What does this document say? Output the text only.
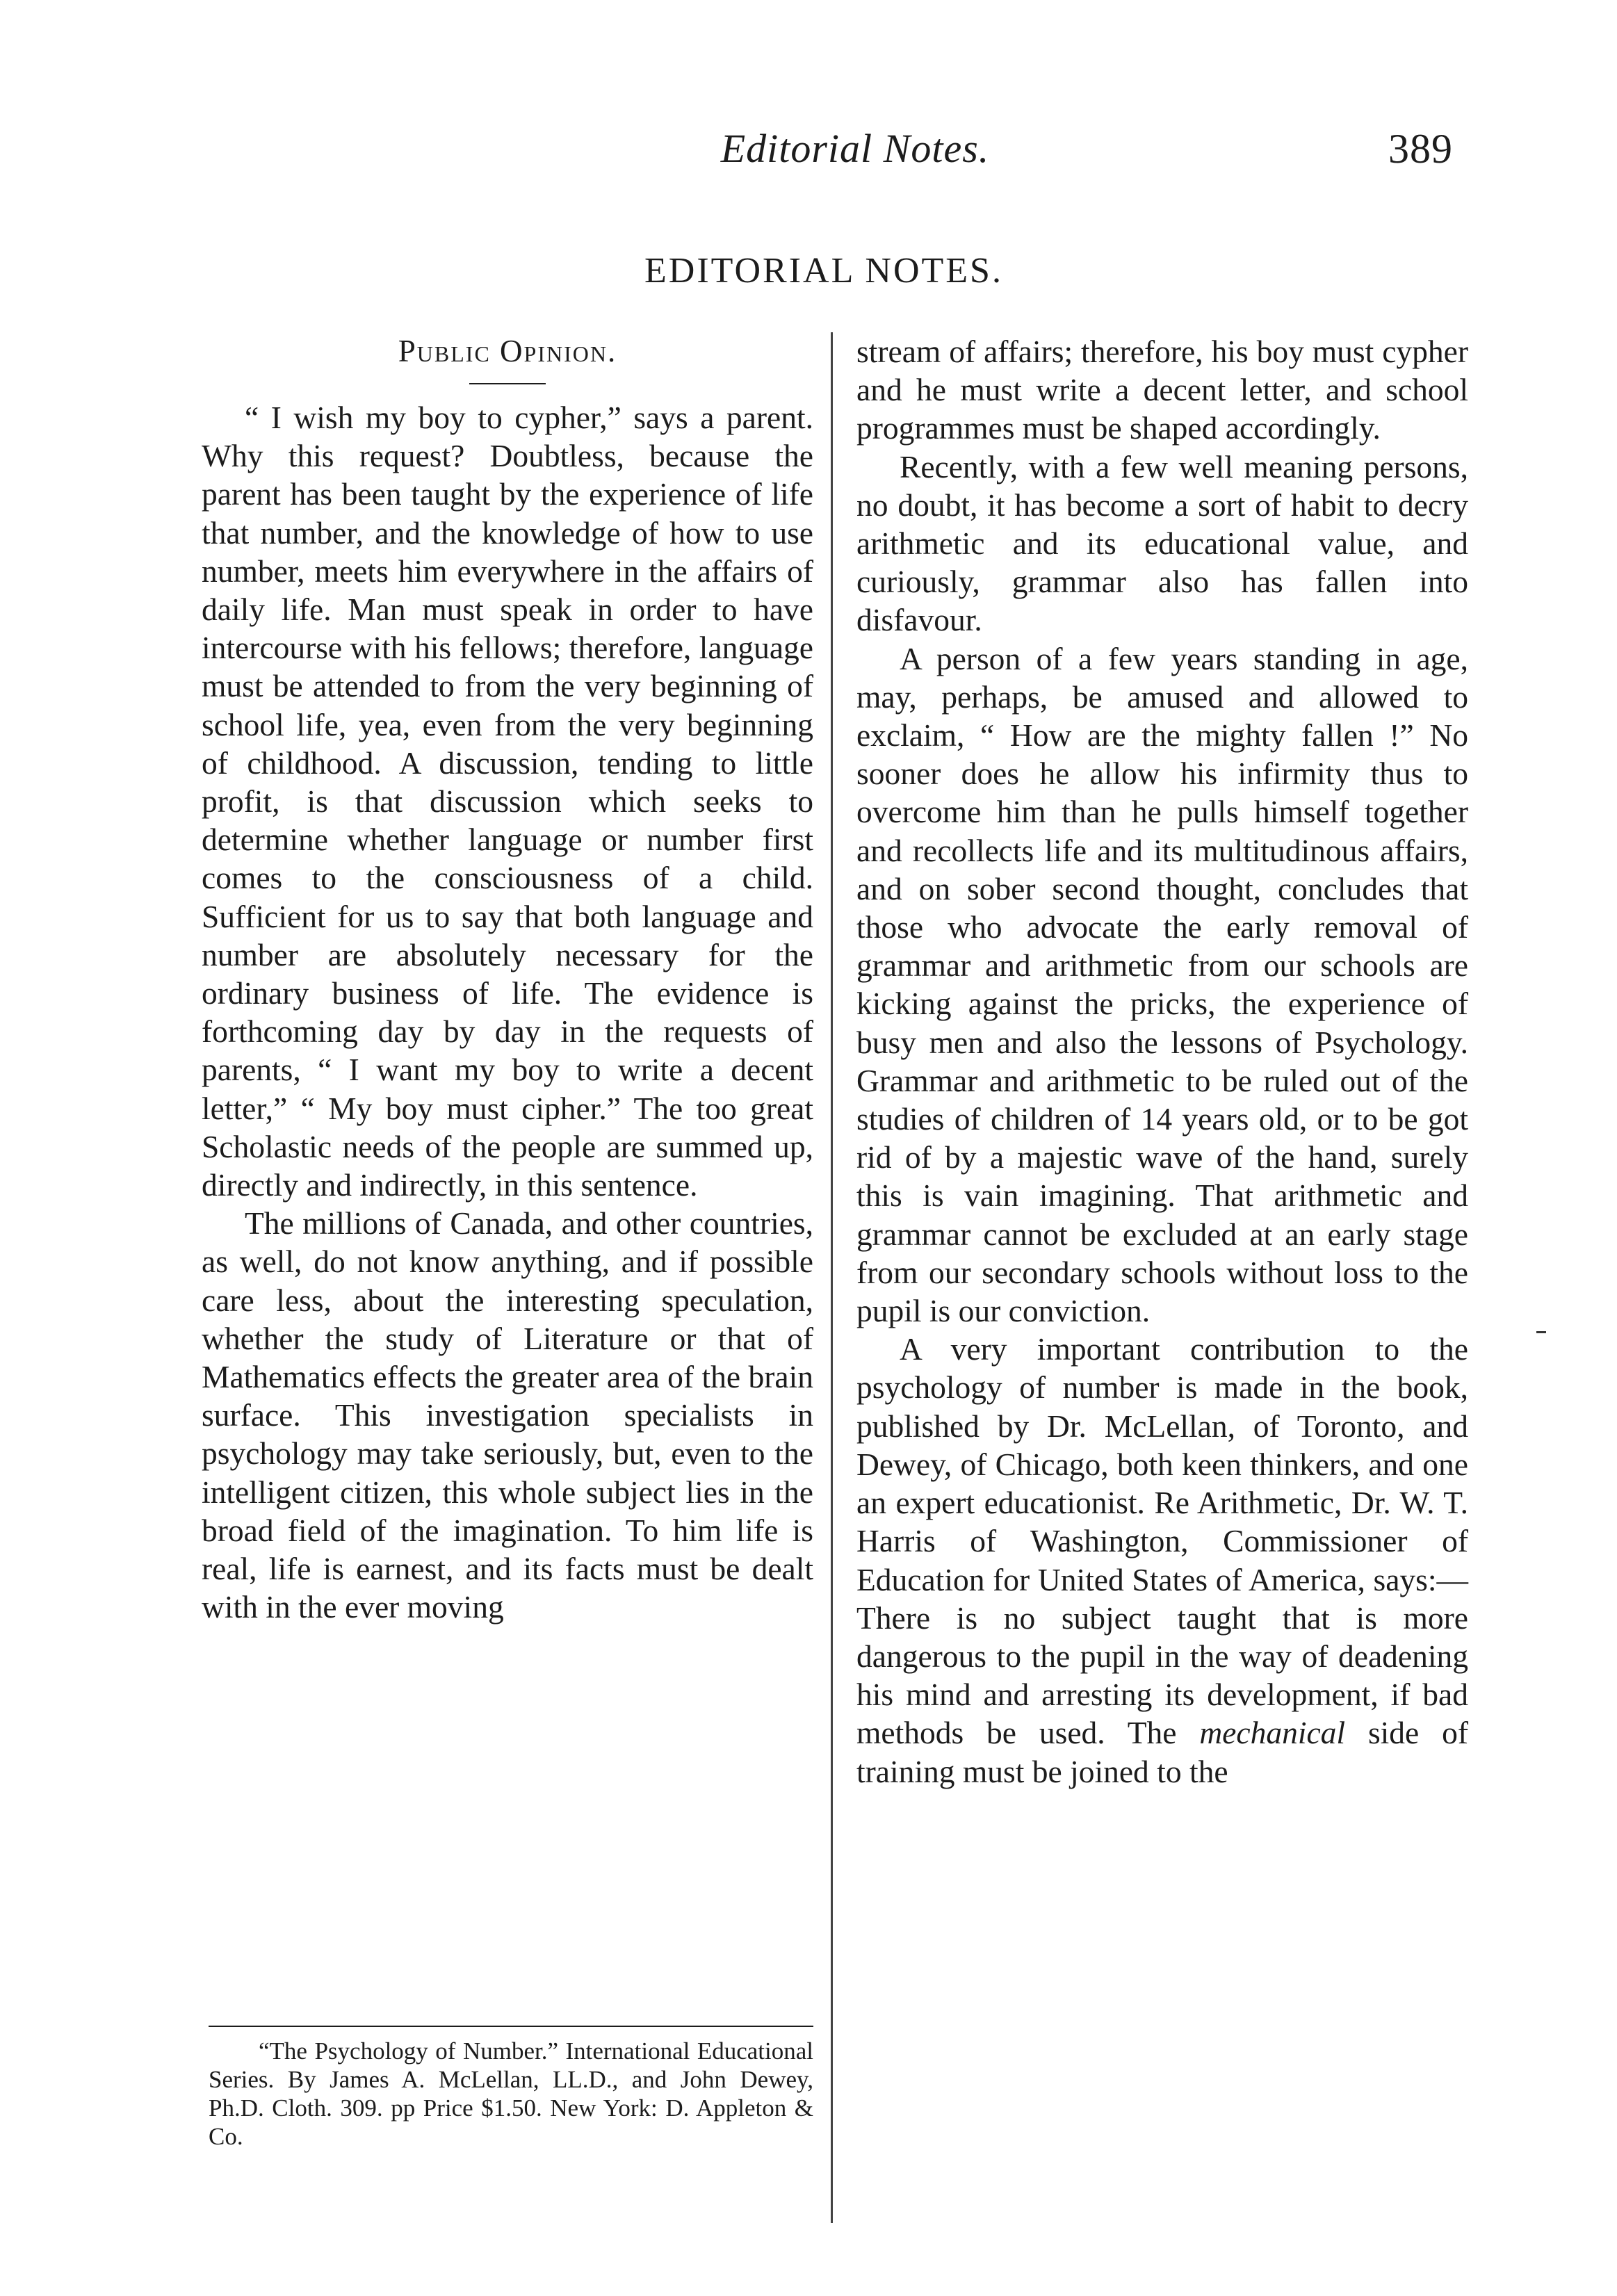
Editorial Notes.	389
EDITORIAL NOTES.
Public Opinion.

“ I wish my boy to cypher,” says a parent. Why this request? Doubtless, because the parent has been taught by the experience of life that number, and the knowledge of how to use number, meets him everywhere in the affairs of daily life. Man must speak in order to have intercourse with his fellows; therefore, language must be attended to from the very beginning of school life, yea, even from the very beginning of childhood. A discussion, tending to little profit, is that discussion which seeks to determine whether language or number first comes to the consciousness of a child. Sufficient for us to say that both language and number are absolutely necessary for the ordinary business of life. The evidence is forthcoming day by day in the requests of parents, “ I want my boy to write a decent letter,” “ My boy must cipher.” The too great Scholastic needs of the people are summed up, directly and indirectly, in this sentence.

The millions of Canada, and other countries, as well, do not know anything, and if possible care less, about the interesting speculation, whether the study of Literature or that of Mathematics effects the greater area of the brain surface. This investigation specialists in psychology may take seriously, but, even to the intelligent citizen, this whole subject lies in the broad field of the imagination. To him life is real, life is earnest, and its facts must be dealt with in the ever moving

stream of affairs; therefore, his boy must cypher and he must write a decent letter, and school programmes must be shaped accordingly.

Recently, with a few well meaning persons, no doubt, it has become a sort of habit to decry arithmetic and its educational value, and curiously, grammar also has fallen into disfavour.

A person of a few years standing in age, may, perhaps, be amused and allowed to exclaim, “ How are the mighty fallen !” No sooner does he allow his infirmity thus to overcome him than he pulls himself together and recollects life and its multitudinous affairs, and on sober second thought, concludes that those who advocate the early removal of grammar and arithmetic from our schools are kicking against the pricks, the experience of busy men and also the lessons of Psychology. Grammar and arithmetic to be ruled out of the studies of children of 14 years old, or to be got rid of by a majestic wave of the hand, surely this is vain imagining. That arithmetic and grammar cannot be excluded at an early stage from our secondary schools without loss to the pupil is our conviction.

A very important contribution to the psychology of number is made in the book, published by Dr. McLellan, of Toronto, and Dewey, of Chicago, both keen thinkers, and one an expert educationist. Re Arithmetic, Dr. W. T. Harris of Washington, Commissioner of Education for United States of America, says:—There is no subject taught that is more dangerous to the pupil in the way of deadening his mind and arresting its development, if bad methods be used. The mechanical side of training must be joined to the

“The Psychology of Number.” International Educational Series. By James A. McLellan, LL.D., and John Dewey, Ph.D. Cloth. 309. pp Price $1.50. New York: D. Appleton & Co.
